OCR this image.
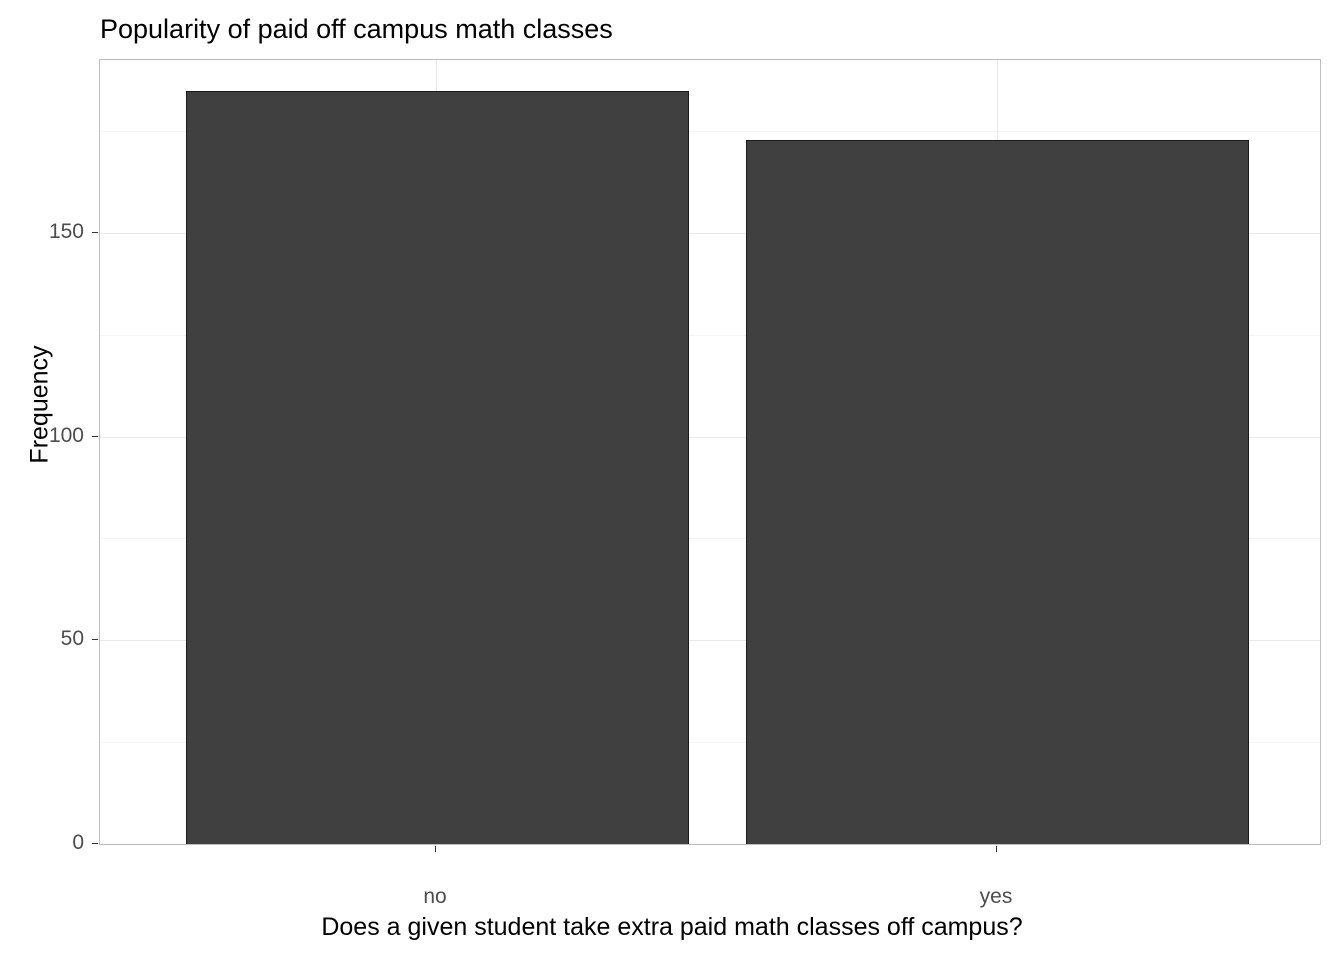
Popularity of paid off campus math classes
0
50
100
150
no	yes
Does a given student take extra paid math classes off campus?
Frequency
